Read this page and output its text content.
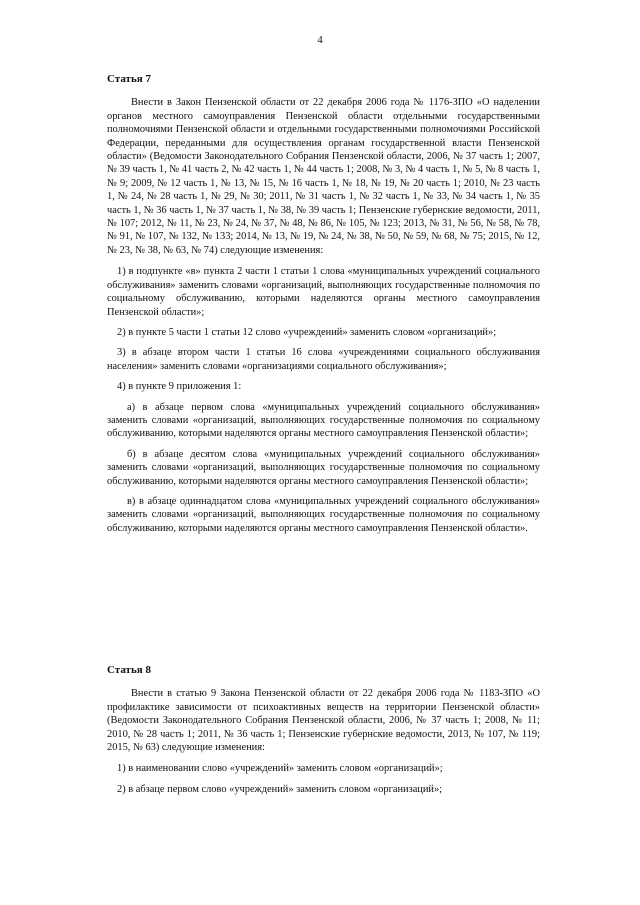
4
Статья 7

Внести в Закон Пензенской области от 22 декабря 2006 года № 1176-ЗПО «О наделении органов местного самоуправления Пензенской области отдельными государственными полномочиями Пензенской области и отдельными государственными полномочиями Российской Федерации, переданными для осуществления органам государственной власти Пензенской области» (Ведомости Законодательного Собрания Пензенской области, 2006, № 37 часть 1; 2007, № 39 часть 1, № 41 часть 2, № 42 часть 1, № 44 часть 1; 2008, № 3, № 4 часть 1, № 5, № 8 часть 1, № 9; 2009, № 12 часть 1, № 13, № 15, № 16 часть 1, № 18, № 19, № 20 часть 1; 2010, № 23 часть 1, № 24, № 28 часть 1, № 29, № 30; 2011, № 31 часть 1, № 32 часть 1, № 33, № 34 часть 1, № 35 часть 1, № 36 часть 1, № 37 часть 1, № 38, № 39 часть 1; Пензенские губернские ведомости, 2011, № 107; 2012, № 11, № 23, № 24, № 37, № 48, № 86, № 105, № 123; 2013, № 31, № 56, № 58, № 78, № 91, № 107, № 132, № 133; 2014, № 13, № 19, № 24, № 38, № 50, № 59, № 68, № 75; 2015, № 12, № 23, № 38, № 63, № 74) следующие изменения:

1) в подпункте «в» пункта 2 части 1 статьи 1 слова «муниципальных учреждений социального обслуживания» заменить словами «организаций, выполняющих государственные полномочия по социальному обслуживанию, которыми наделяются органы местного самоуправления Пензенской области»;

2) в пункте 5 части 1 статьи 12 слово «учреждений» заменить словом «организаций»;

3) в абзаце втором части 1 статьи 16 слова «учреждениями социального обслуживания населения» заменить словами «организациями социального обслуживания»;

4) в пункте 9 приложения 1:

а) в абзаце первом слова «муниципальных учреждений социального обслуживания» заменить словами «организаций, выполняющих государственные полномочия по социальному обслуживанию, которыми наделяются органы местного самоуправления Пензенской области»;

б) в абзаце десятом слова «муниципальных учреждений социального обслуживания» заменить словами «организаций, выполняющих государственные полномочия по социальному обслуживанию, которыми наделяются органы местного самоуправления Пензенской области»;

в) в абзаце одиннадцатом слова «муниципальных учреждений социального обслуживания» заменить словами «организаций, выполняющих государственные полномочия по социальному обслуживанию, которыми наделяются органы местного самоуправления Пензенской области».

Статья 8

Внести в статью 9 Закона Пензенской области от 22 декабря 2006 года № 1183-ЗПО «О профилактике зависимости от психоактивных веществ на территории Пензенской области» (Ведомости Законодательного Собрания Пензенской области, 2006, № 37 часть 1; 2008, № 11; 2010, № 28 часть 1; 2011, № 36 часть 1; Пензенские губернские ведомости, 2013, № 107, № 119; 2015, № 63) следующие изменения:

1) в наименовании слово «учреждений» заменить словом «организаций»;

2) в абзаце первом слово «учреждений» заменить словом «организаций»;
